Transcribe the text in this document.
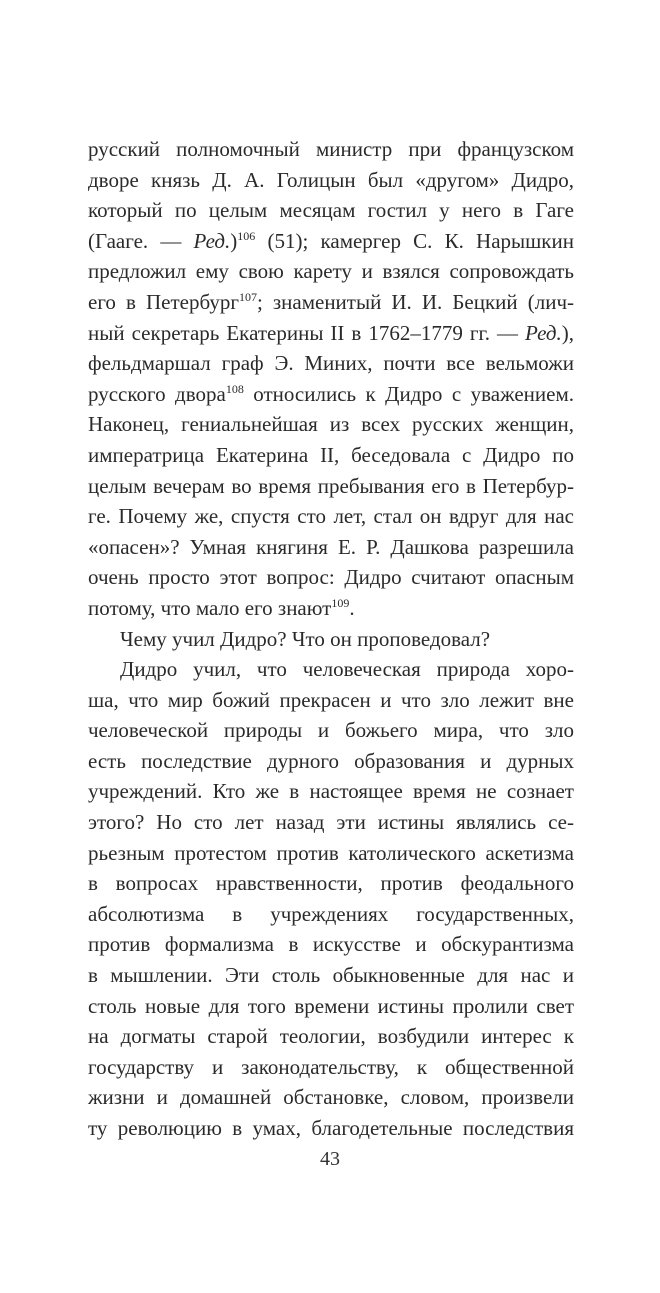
русский полномочный министр при французском
дворе князь Д. А. Голицын был «другом» Дидро,
который по целым месяцам гостил у него в Гаге
(Гааге. — Ред.)$^{106}$ (51); камергер С. К. Нарышкин
предложил ему свою карету и взялся сопровождать
его в Петербург$^{107}$; знаменитый И. И. Бецкий (лич-
ный секретарь Екатерины II в 1762–1779 гг. — Ред.),
фельдмаршал граф Э. Миних, почти все вельможи
русского двора$^{108}$ относились к Дидро с уважением.
Наконец, гениальнейшая из всех русских женщин,
императрица Екатерина II, беседовала с Дидро по
целым вечерам во время пребывания его в Петербур-
ге. Почему же, спустя сто лет, стал он вдруг для нас
«опасен»? Умная княгиня Е. Р. Дашкова разрешила
очень просто этот вопрос: Дидро считают опасным
потому, что мало его знают$^{109}$.
Чему учил Дидро? Что он проповедовал?
Дидро учил, что человеческая природа хоро-
ша, что мир божий прекрасен и что зло лежит вне
человеческой природы и божьего мира, что зло
есть последствие дурного образования и дурных
учреждений. Кто же в настоящее время не сознает
этого? Но сто лет назад эти истины являлись се-
рьезным протестом против католического аскетизма
в вопросах нравственности, против феодального
абсолютизма в учреждениях государственных,
против формализма в искусстве и обскурантизма
в мышлении. Эти столь обыкновенные для нас и
столь новые для того времени истины пролили свет
на догматы старой теологии, возбудили интерес к
государству и законодательству, к общественной
жизни и домашней обстановке, словом, произвели
ту революцию в умах, благодетельные последствия
43
